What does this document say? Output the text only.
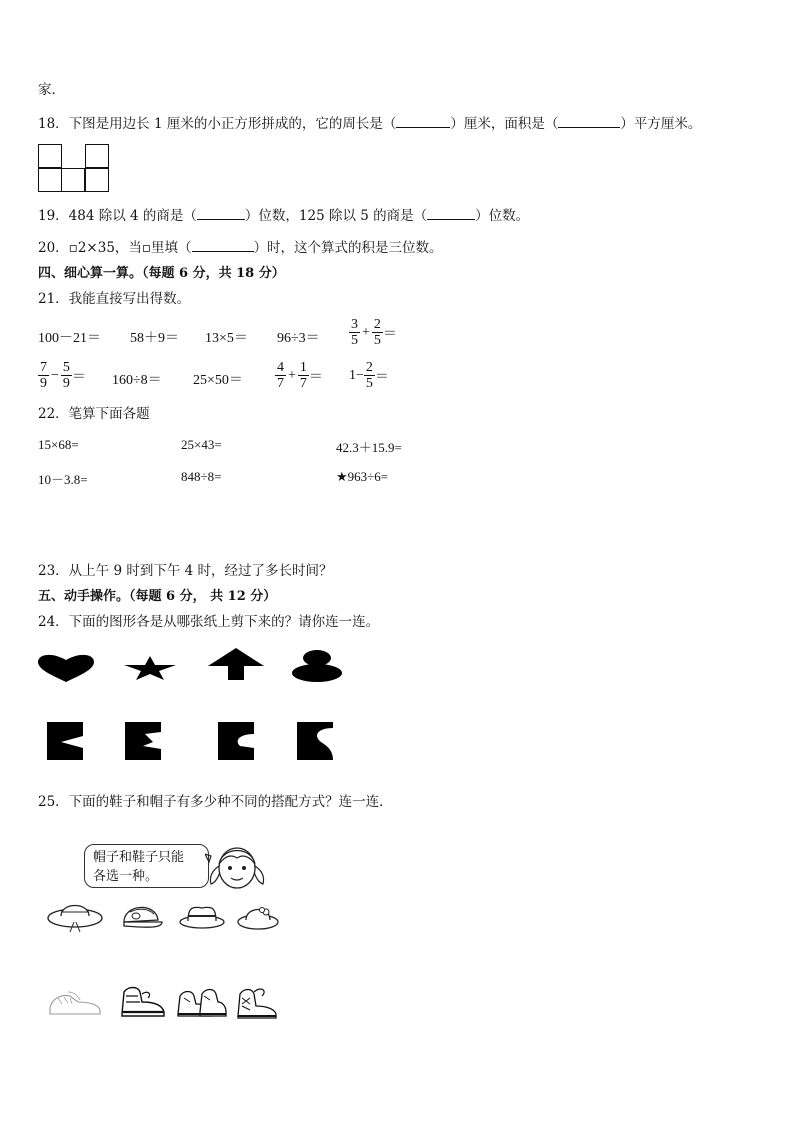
家．
18．下图是用边长 1 厘米的小正方形拼成的，它的周长是（	）厘米，面积是（	）平方厘米。
19．484 除以 4 的商是（	）位数，125 除以 5 的商是（	）位数。
20．▫2×35，当▫里填（	）时，这个算式的积是三位数。
四、细心算一算。（每题 6 分，共 18 分）
21．我能直接写出得数。
$100-21= 58+9= 13\times 5= 96\div 3= \frac{3}{5} + \frac{2}{5}$ ＝
$\frac{7}{9} - \frac{5}{9} = 160\div 8= 25\times 50= \frac{4}{7} + \frac{1}{7} = 1- \frac{2}{5}$ ＝
22．笔算下面各题
15×68=	25×43=	42.3＋15.9=
10－3.8=	848÷8=	★963÷6=
23．从上午 9 时到下午 4 时，经过了多长时间？
五、动手操作。（每题 6 分， 共 12 分）
24．下面的图形各是从哪张纸上剪下来的？请你连一连。
25．下面的鞋子和帽子有多少种不同的搭配方式？连一连．
帽子和鞋子只能
各选一种。
